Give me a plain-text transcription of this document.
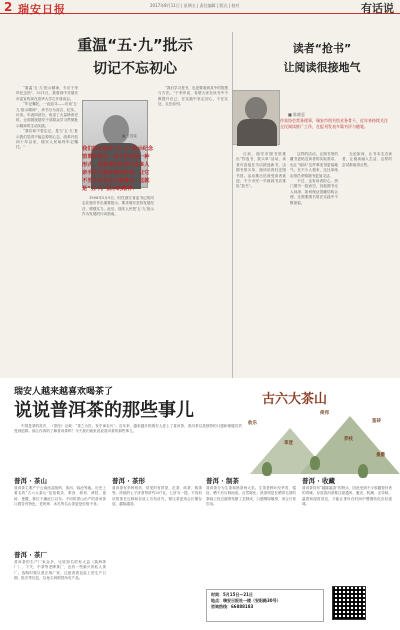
2 瑞安日报	2017年8月11日 | 星期五 | 责任编辑 | 版式 | 校对	有话说
重温“五·九”批示
切记不忘初心

“重温‘五·九’批示精神，专访于李岸纪念馆”，3月1日，我看到中共瑞安市委宣传部在清华大学召开座谈会。

“牢记嘱托，一直追寻——访谈‘五·九’批示精神”，该书分为前言、纪实、访谈、年表四部分，收录了大量珍贵史料，全面展现瑞安干部群众学习贯彻批示精神的生动实践。

“我们和不曾忘记，是当‘五·九’批示我们觉得不能忘掉的心态，改革开放四十年以来，瑞安人民始终牢记嘱托。”

■ 王国素
我们的手拍在“五·九”批示纪念馆事件背后，这不仅仅是一种形式，而是请记住许许多多人亲手拍下最宝贵的时刻，让它不至于在岁月中被遗忘，这就是“五·九”批示的精神！

1998年5月9日，时任浙江省委书记的同志在瑞安作出重要批示，要求瑞安坚持发展经济、增强实力。此后，瑞安人民把‘五·九’批示作为发展的行动指南。

“我们学习是书，也是要看到其中的智慧与方法。”于李岸说，希望大家在读书中不断提升自己，在实践中坚定初心，干在实处、走在前列。

读者“抢书”
让阅读很接地气
■ 陈晓意
作家协会常务理事，瑞安市图书馆业务骨干，近年来持续关注全民阅读推广工作，在报刊发表多篇书评与随笔。

日前，瑞安市图书馆推出“你选书、我买单”活动，读者可直接在书店挑选新书，由图书馆买单，阅读后再归还图书馆。活动推出后深受读者欢迎，不少市民一早就到书店排队“抢书”。

这样的活动，让图书馆的藏书更贴近读者的实际需求，也让“阅读”这件事变得更接地气。在不少人看来，这比单纯由馆员采购图书更加灵活。

不过，也有读者担心，热门图书一抢而空，其他图书无人问津，如何保证馆藏结构合理，还需要图书馆在实践中不断探索。

无论如何，让书本走近读者，让阅读融入生活，这样的尝试都值得点赞。

瑞安人越来越喜欢喝茶了
说说普洱茶的那些事儿
古六大茶山
攸乐
革登
倚邦
莽枝
蛮砖
曼撒
中国是茶的故乡，《茶经》记载：“茶之为饮，发乎神农氏”。近年来，越来越多的瑞安人爱上了普洱茶，普洱茶以其独特的口感和保健功效受到追捧。那么你真的了解普洱茶吗？今天我们就来说说普洱茶的那些事儿。
普洱 · 茶山
普洱茶主要产于云南西双版纳、普洱、临沧等地。历史上著名的“古六大茶山”包括攸乐、革登、倚邦、莽枝、蛮砖、曼撒，都位于澜沧江以东。不同的茶山出产的普洱茶口感各有特色，老班章、冰岛等名山茶更是价格不菲。
普洱 · 茶厂
普洱茶的生产厂家众多，比较知名的有大益（勐海茶厂）、下关、中茶等老牌茶厂，也有一些新兴的私人茶厂。选购时要认准正规厂家，注意查看包装上的生产日期、批次等信息，以免买到假冒伪劣产品。
普洱 · 茶形
普洱茶有多种形状，常见的有饼茶、沱茶、砖茶、散茶等。传统的七子饼茶每饼约357克，七饼为一提。不同形状的茶在压制和存放上各有讲究，紧压茶更适合长期存放，越陈越香。
普洱 · 制茶
普洱茶分为生茶和熟茶两大类。生茶是鲜叶经杀青、揉捻、晒干后压制而成，自然陈化；熟茶则是在晒青毛茶的基础上经过渥堆发酵工艺制成，口感醇厚顺滑，适合日常饮用。
普洱 · 收藏
普洱茶具有“越陈越香”的特点，因此受到不少收藏爱好者的青睐。存放普洱茶要注意通风、避光、防潮、无异味，温度和湿度适宜，才能让茶叶在时间中慢慢转化出好滋味。
时间：5月15日—21日
地点：瑞安日报社一楼（安阳路30号）
咨询热线：66888183
